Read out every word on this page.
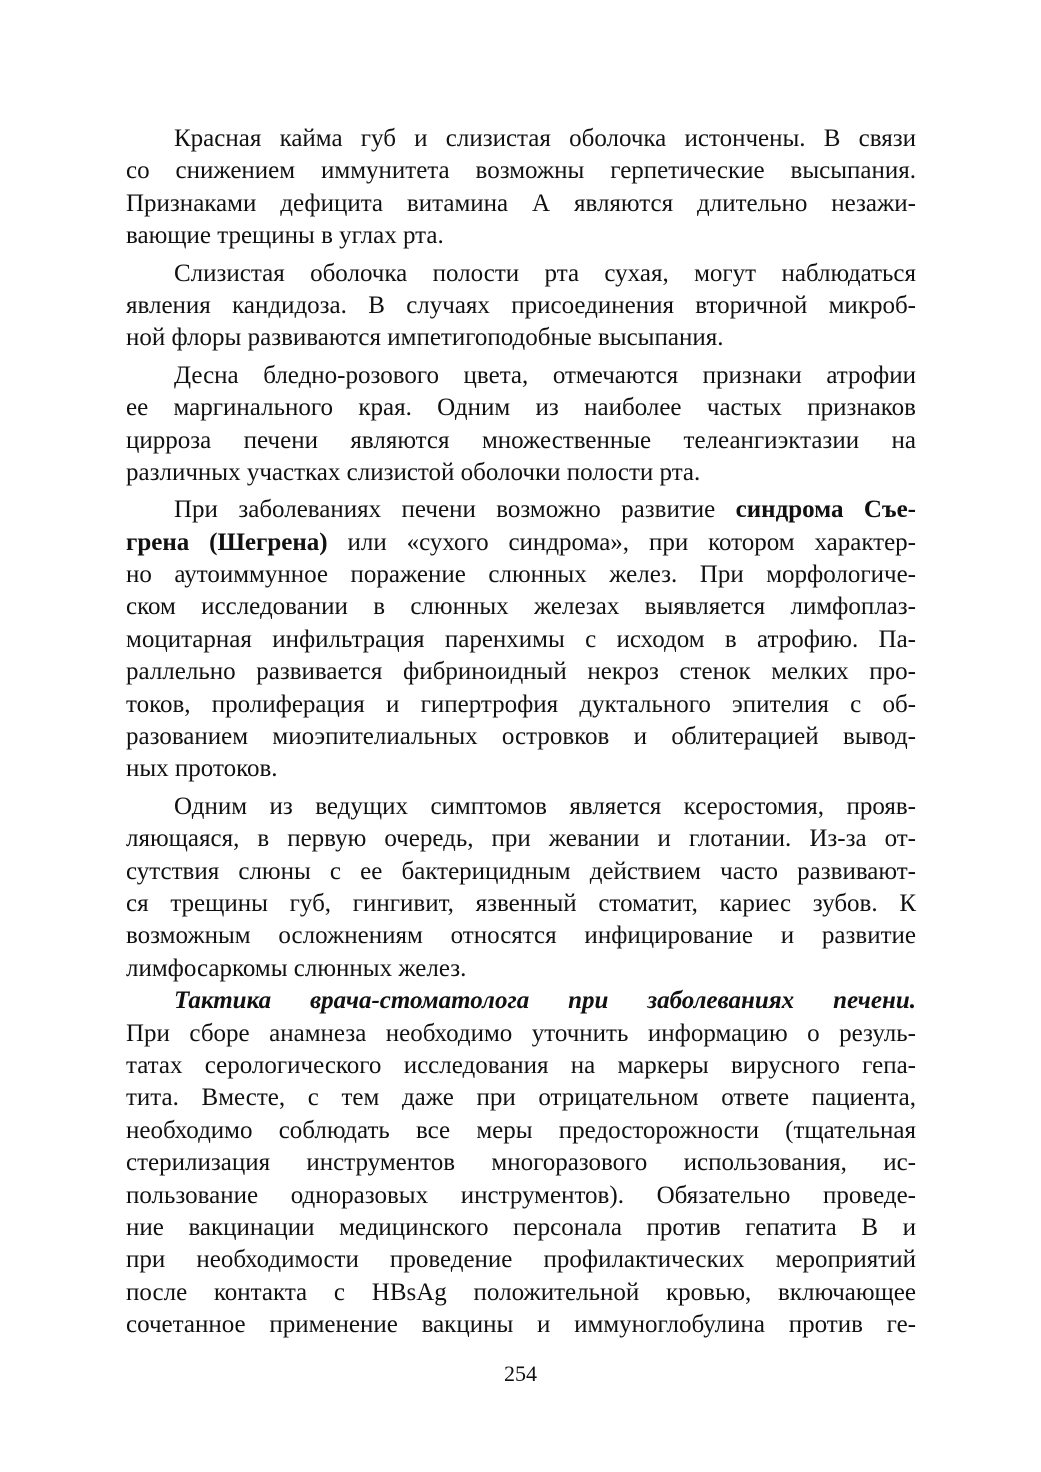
Красная кайма губ и слизистая оболочка истончены. В связи
со снижением иммунитета возможны герпетические высыпания.
Признаками дефицита витамина А являются длительно незажи-
вающие трещины в углах рта.
Слизистая оболочка полости рта сухая, могут наблюдаться
явления кандидоза. В случаях присоединения вторичной микроб-
ной флоры развиваются импетигоподобные высыпания.
Десна бледно-розового цвета, отмечаются признаки атрофии
ее маргинального края. Одним из наиболее частых признаков
цирроза печени являются множественные телеангиэктазии на
различных участках слизистой оболочки полости рта.
При заболеваниях печени возможно развитие синдрома Съе-
грена (Шегрена) или «сухого синдрома», при котором характер-
но аутоиммунное поражение слюнных желез. При морфологиче-
ском исследовании в слюнных железах выявляется лимфоплаз-
моцитарная инфильтрация паренхимы с исходом в атрофию. Па-
раллельно развивается фибриноидный некроз стенок мелких про-
токов, пролиферация и гипертрофия дуктального эпителия с об-
разованием миоэпителиальных островков и облитерацией вывод-
ных протоков.
Одним из ведущих симптомов является ксеростомия, прояв-
ляющаяся, в первую очередь, при жевании и глотании. Из-за от-
сутствия слюны с ее бактерицидным действием часто развивают-
ся трещины губ, гингивит, язвенный стоматит, кариес зубов. К
возможным осложнениям относятся инфицирование и развитие
лимфосаркомы слюнных желез.
Тактика врача-стоматолога при заболеваниях печени.
При сборе анамнеза необходимо уточнить информацию о резуль-
татах серологического исследования на маркеры вирусного гепа-
тита. Вместе, с тем даже при отрицательном ответе пациента,
необходимо соблюдать все меры предосторожности (тщательная
стерилизация инструментов многоразового использования, ис-
пользование одноразовых инструментов). Обязательно проведе-
ние вакцинации медицинского персонала против гепатита В и
при необходимости проведение профилактических мероприятий
после контакта с HBsAg положительной кровью, включающее
сочетанное применение вакцины и иммуноглобулина против ге-
254
